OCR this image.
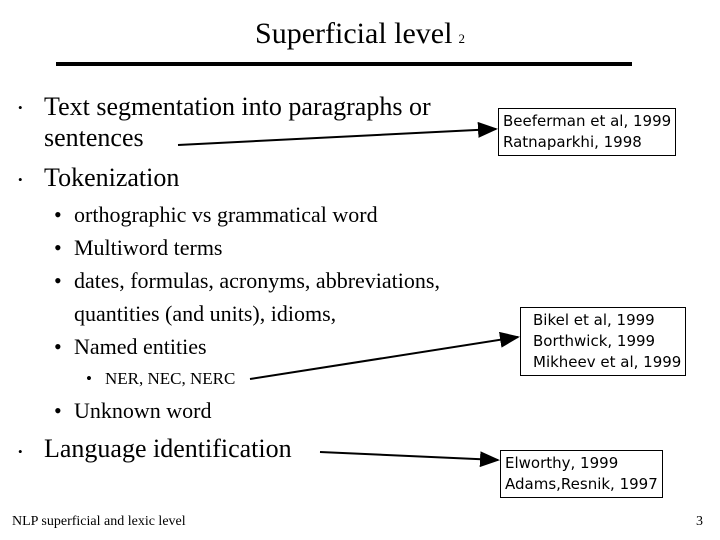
Superficial level 2
• Text segmentation into paragraphs or
sentences
• Tokenization
• orthographic vs grammatical word
• Multiword terms
• dates, formulas, acronyms, abbreviations,
quantities (and units), idioms,
• Named entities
• NER, NEC, NERC
• Unknown word
• Language identification
Beeferman et al, 1999
Ratnaparkhi, 1998
Bikel et al, 1999
Borthwick, 1999
Mikheev et al, 1999
Elworthy, 1999
Adams,Resnik, 1997
NLP superficial and lexic level	3
